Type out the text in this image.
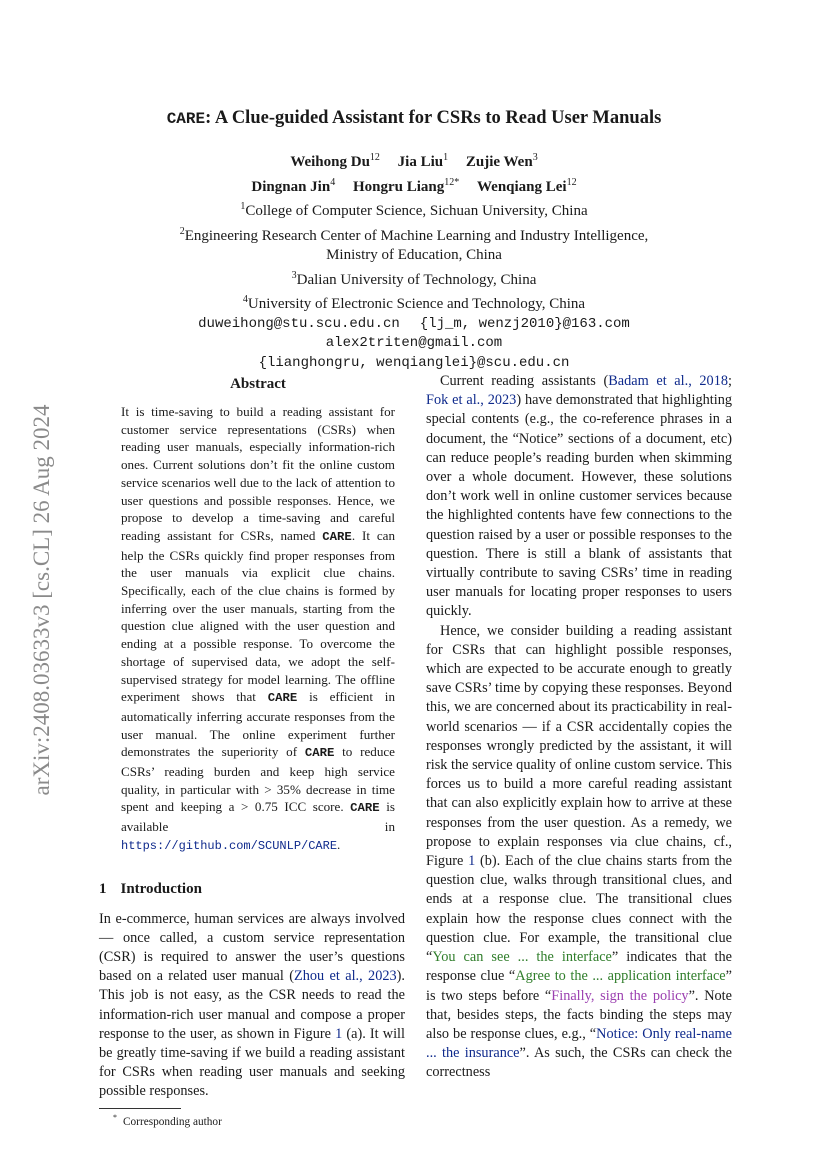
arXiv:2408.03633v3 [cs.CL] 26 Aug 2024
CARE: A Clue-guided Assistant for CSRs to Read User Manuals
Weihong Du$^{12}$ Jia Liu$^1$ Zujie Wen$^3$
Dingnan Jin$^4$ Hongru Liang$^{12*}$ Wenqiang Lei$^{12}$
$^1$College of Computer Science, Sichuan University, China
$^2$Engineering Research Center of Machine Learning and Industry Intelligence,
Ministry of Education, China
$^3$Dalian University of Technology, China
$^4$University of Electronic Science and Technology, China
duweihong@stu.scu.edu.cn {lj_m, wenzj2010}@163.com
alex2triten@gmail.com
{lianghongru, wenqianglei}@scu.edu.cn
Abstract
It is time-saving to build a reading assistant for customer service representations (CSRs) when reading user manuals, especially information-rich ones. Current solutions don’t fit the online custom service scenarios well due to the lack of attention to user questions and possible responses. Hence, we propose to develop a time-saving and careful reading assistant for CSRs, named CARE. It can help the CSRs quickly find proper responses from the user manuals via explicit clue chains. Specifically, each of the clue chains is formed by inferring over the user manuals, starting from the question clue aligned with the user question and ending at a possible response. To overcome the shortage of supervised data, we adopt the self-supervised strategy for model learning. The offline experiment shows that CARE is efficient in automatically inferring accurate responses from the user manual. The online experiment further demonstrates the superiority of CARE to reduce CSRs’ reading burden and keep high service quality, in particular with > 35% decrease in time spent and keeping a > 0.75 ICC score. CARE is available in https://github.com/SCUNLP/CARE.
1 Introduction

In e-commerce, human services are always involved — once called, a custom service representation (CSR) is required to answer the user’s questions based on a related user manual (Zhou et al., 2023). This job is not easy, as the CSR needs to read the information-rich user manual and compose a proper response to the user, as shown in Figure 1 (a). It will be greatly time-saving if we build a reading assistant for CSRs when reading user manuals and seeking possible responses.

* Corresponding author

Current reading assistants (Badam et al., 2018; Fok et al., 2023) have demonstrated that highlighting special contents (e.g., the co-reference phrases in a document, the “Notice” sections of a document, etc) can reduce people’s reading burden when skimming over a whole document. However, these solutions don’t work well in online customer services because the highlighted contents have few connections to the question raised by a user or possible responses to the question. There is still a blank of assistants that virtually contribute to saving CSRs’ time in reading user manuals for locating proper responses to users quickly.

Hence, we consider building a reading assistant for CSRs that can highlight possible responses, which are expected to be accurate enough to greatly save CSRs’ time by copying these responses. Beyond this, we are concerned about its practicability in real-world scenarios — if a CSR accidentally copies the responses wrongly predicted by the assistant, it will risk the service quality of online custom service. This forces us to build a more careful reading assistant that can also explicitly explain how to arrive at these responses from the user question. As a remedy, we propose to explain responses via clue chains, cf., Figure 1 (b). Each of the clue chains starts from the question clue, walks through transitional clues, and ends at a response clue. The transitional clues explain how the response clues connect with the question clue. For example, the transitional clue “You can see ... the interface” indicates that the response clue “Agree to the ... application interface” is two steps before “Finally, sign the policy”. Note that, besides steps, the facts binding the steps may also be response clues, e.g., “Notice: Only real-name ... the insurance”. As such, the CSRs can check the correctness
